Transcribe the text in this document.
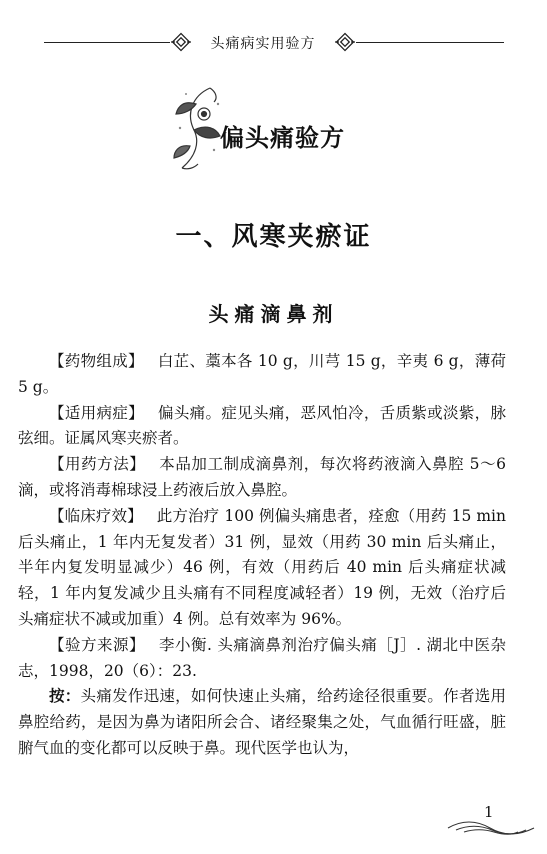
头痛病实用验方
偏头痛验方
一、风寒夹瘀证
头痛滴鼻剂

【药物组成】 白芷、藁本各 10 g，川芎 15 g，辛夷 6 g，薄荷 5 g。

【适用病症】 偏头痛。症见头痛，恶风怕冷，舌质紫或淡紫，脉弦细。证属风寒夹瘀者。

【用药方法】 本品加工制成滴鼻剂，每次将药液滴入鼻腔 5～6 滴，或将消毒棉球浸上药液后放入鼻腔。

【临床疗效】 此方治疗 100 例偏头痛患者，痊愈（用药 15 min 后头痛止，1 年内无复发者）31 例，显效（用药 30 min 后头痛止，半年内复发明显减少）46 例，有效（用药后 40 min 后头痛症状减轻，1 年内复发减少且头痛有不同程度减轻者）19 例，无效（治疗后头痛症状不减或加重）4 例。总有效率为 96%。

【验方来源】 李小衡. 头痛滴鼻剂治疗偏头痛［J］. 湖北中医杂志，1998，20（6）：23.

按：头痛发作迅速，如何快速止头痛，给药途径很重要。作者选用鼻腔给药，是因为鼻为诸阳所会合、诸经聚集之处，气血循行旺盛，脏腑气血的变化都可以反映于鼻。现代医学也认为，

1
